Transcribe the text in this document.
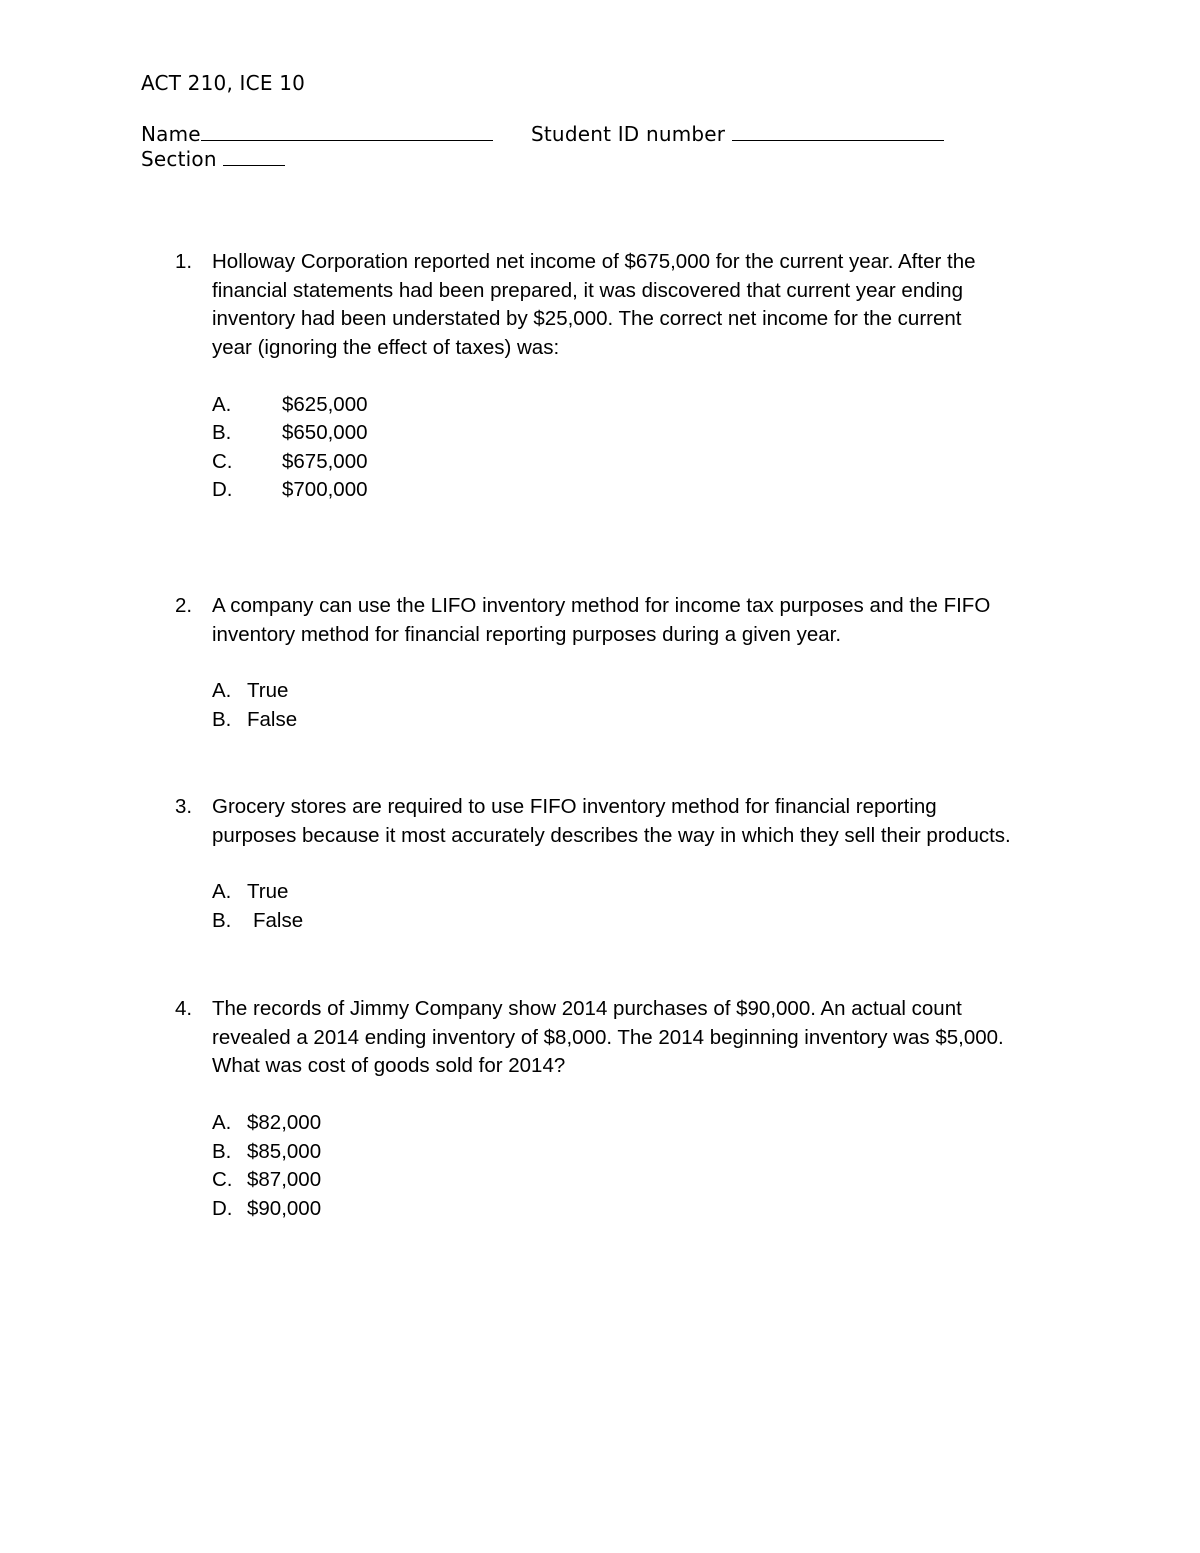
ACT 210, ICE 10
Name	Student ID number
Section
1. Holloway Corporation reported net income of $675,000 for the current year. After the
financial statements had been prepared, it was discovered that current year ending
inventory had been understated by $25,000. The correct net income for the current
year (ignoring the effect of taxes) was:
A. $625,000
B. $650,000
C. $675,000
D. $700,000
2. A company can use the LIFO inventory method for income tax purposes and the FIFO
inventory method for financial reporting purposes during a given year.
A. True
B. False
3. Grocery stores are required to use FIFO inventory method for financial reporting
purposes because it most accurately describes the way in which they sell their products.
A. True
B. False
4. The records of Jimmy Company show 2014 purchases of $90,000. An actual count
revealed a 2014 ending inventory of $8,000. The 2014 beginning inventory was $5,000.
What was cost of goods sold for 2014?
A. $82,000
B. $85,000
C. $87,000
D. $90,000
